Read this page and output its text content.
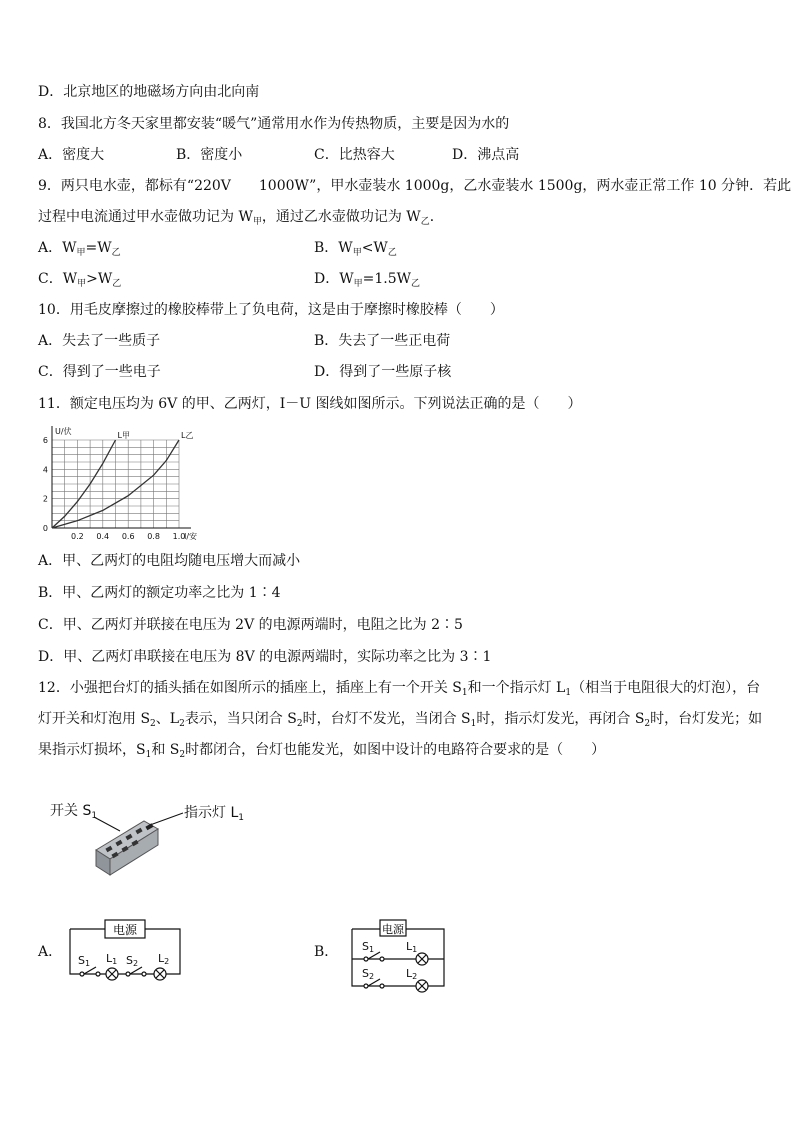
D．北京地区的地磁场方向由北向南
8．我国北方冬天家里都安装“暖气”通常用水作为传热物质，主要是因为水的
A．密度大	B．密度小	C．比热容大	D．沸点高
9．两只电水壶，都标有“220V　　1000W”，甲水壶装水 1000g，乙水壶装水 1500g，两水壶正常工作 10 分钟．若此
过程中电流通过甲水壶做功记为 $W_甲$，通过乙水壶做功记为 $W_乙$．
A．$W_甲=W_乙$	B．$W_甲<W_乙$
C．$W_甲>W_乙$	D．$W_甲=1.5W_乙$
10．用毛皮摩擦过的橡胶棒带上了负电荷，这是由于摩擦时橡胶棒（　　）
A．失去了一些质子	B．失去了一些正电荷
C．得到了一些电子	D．得到了一些原子核
11．额定电压均为 6V 的甲、乙两灯，I－U 图线如图所示。下列说法正确的是（　　）
0
2
4
6
0.2 0.4 0.6 0.8 1.0
U/伏
I/安
L甲	L乙
A．甲、乙两灯的电阻均随电压增大而减小
B．甲、乙两灯的额定功率之比为 1∶4
C．甲、乙两灯并联接在电压为 2V 的电源两端时，电阻之比为 2∶5
D．甲、乙两灯串联接在电压为 8V 的电源两端时，实际功率之比为 3∶1
12．小强把台灯的插头插在如图所示的插座上，插座上有一个开关 $S_1$和一个指示灯 $L_1$（相当于电阻很大的灯泡），台
灯开关和灯泡用 $S_2$、$L_2$表示，当只闭合 $S_2$时，台灯不发光，当闭合 $S_1$时，指示灯发光，再闭合 $S_2$时，台灯发光；如
果指示灯损坏，$S_1$和 $S_2$时都闭合，台灯也能发光，如图中设计的电路符合要求的是（　　）
开关 $S_1$	指示灯 $L_1$
A．
电源
S1 L1 S2 L2
B．
电源
S1	L1
S2	L2
